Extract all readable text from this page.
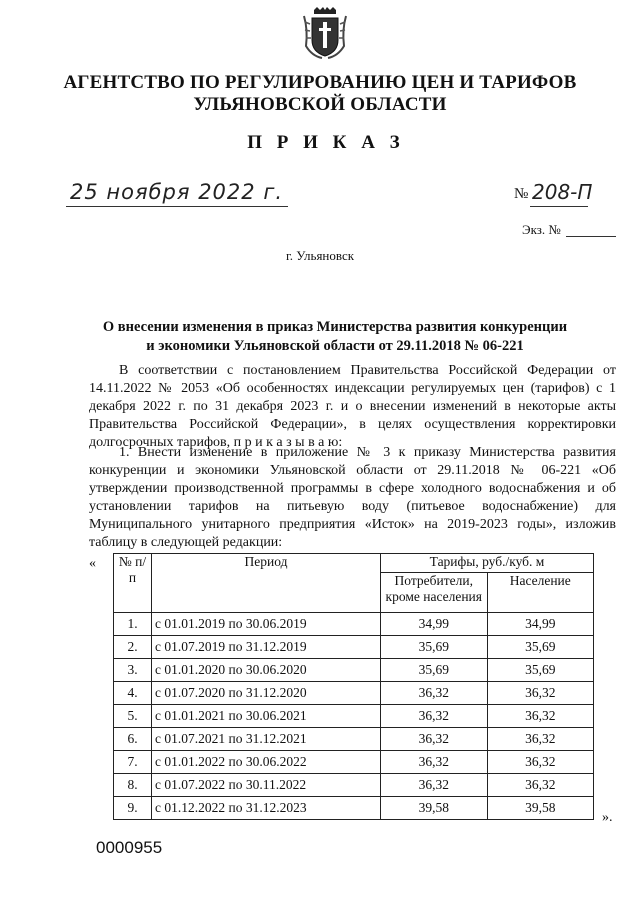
АГЕНТСТВО ПО РЕГУЛИРОВАНИЮ ЦЕН И ТАРИФОВ
УЛЬЯНОВСКОЙ ОБЛАСТИ
П Р И К А З
25 ноября 2022 г.	№ 208-П
Экз. №
г. Ульяновск
О внесении изменения в приказ Министерства развития конкуренции
и экономики Ульяновской области от 29.11.2018 № 06-221
В соответствии с постановлением Правительства Российской Федерации от 14.11.2022 № 2053 «Об особенностях индексации регулируемых цен (тарифов) с 1 декабря 2022 г. по 31 декабря 2023 г. и о внесении изменений в некоторые акты Правительства Российской Федерации», в целях осуществления корректировки долгосрочных тарифов, п р и к а з ы в а ю:
1. Внести изменение в приложение № 3 к приказу Министерства развития конкуренции и экономики Ульяновской области от 29.11.2018 № 06-221 «Об утверждении производственной программы в сфере холодного водоснабжения и об установлении тарифов на питьевую воду (питьевое водоснабжение) для Муниципального унитарного предприятия «Исток» на 2019-2023 годы», изложив таблицу в следующей редакции:
« № п/п	Период	Тарифы, руб./куб. м	
		Потребители, кроме населения	Население
1.	с 01.01.2019 по 30.06.2019	34,99	34,99
2.	с 01.07.2019 по 31.12.2019	35,69	35,69
3.	с 01.01.2020 по 30.06.2020	35,69	35,69
4.	с 01.07.2020 по 31.12.2020	36,32	36,32
5.	с 01.01.2021 по 30.06.2021	36,32	36,32
6.	с 01.07.2021 по 31.12.2021	36,32	36,32
7.	с 01.01.2022 по 30.06.2022	36,32	36,32
8.	с 01.07.2022 по 30.11.2022	36,32	36,32
9.	с 01.12.2022 по 31.12.2023	39,58	39,58
».
0000955
